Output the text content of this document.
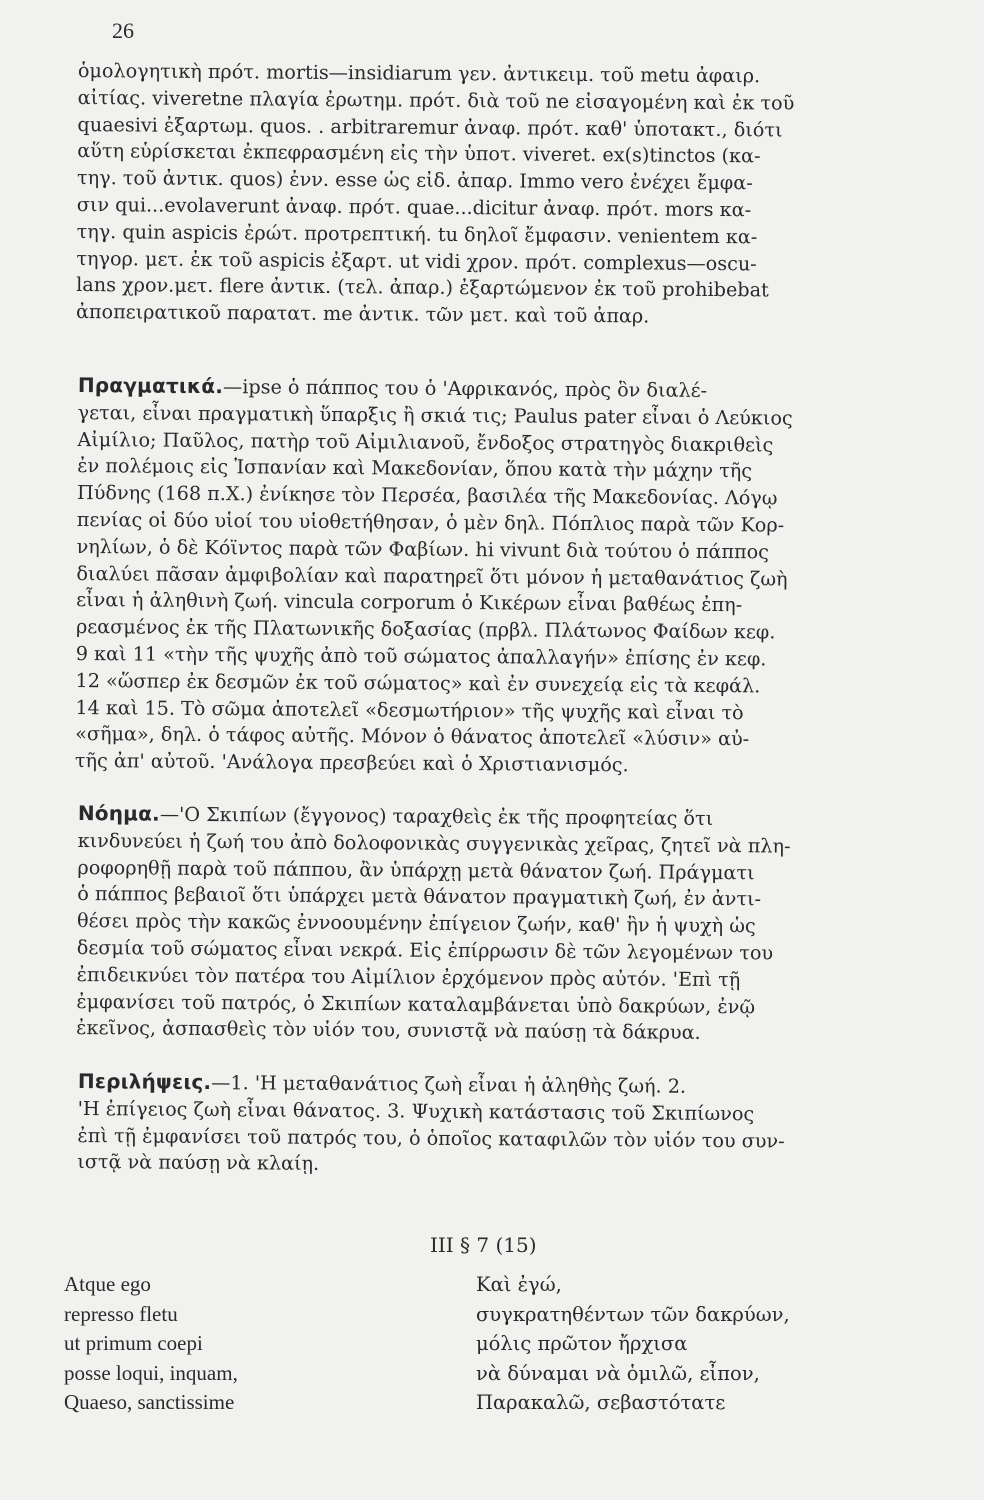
26
ὁμολογητικὴ πρότ. mortis—insidiarum γεν. ἀντικειμ. τοῦ metu ἀφαιρ.
αἰτίας. viveretne πλαγία ἐρωτημ. πρότ. διὰ τοῦ ne εἰσαγομένη καὶ ἐκ τοῦ
quaesivi ἐξαρτωμ. quos. . arbitraremur ἀναφ. πρότ. καθ' ὑποτακτ., διότι
αὕτη εὑρίσκεται ἐκπεφρασμένη εἰς τὴν ὑποτ. viveret. ex(s)tinctos (κα-
τηγ. τοῦ ἀντικ. quos) ἐνν. esse ὡς εἰδ. ἀπαρ. Immo vero ἐνέχει ἔμφα-
σιν qui...evolaverunt ἀναφ. πρότ. quae...dicitur ἀναφ. πρότ. mors κα-
τηγ. quin aspicis ἐρώτ. προτρεπτική. tu δηλοῖ ἔμφασιν. venientem κα-
τηγορ. μετ. ἐκ τοῦ aspicis ἐξαρτ. ut vidi χρον. πρότ. complexus—oscu-
lans χρον.μετ. flere ἀντικ. (τελ. ἀπαρ.) ἐξαρτώμενον ἐκ τοῦ prohibebat
ἀποπειρατικοῦ παρατατ. me ἀντικ. τῶν μετ. καὶ τοῦ ἀπαρ.
Πραγματικά.—ipse ὁ πάππος του ὁ 'Αφρικανός, πρὸς ὃν διαλέ-
γεται, εἶναι πραγματικὴ ὕπαρξις ἢ σκιά τις; Paulus pater εἶναι ὁ Λεύκιος
Αἰμίλιο; Παῦλος, πατὴρ τοῦ Αἰμιλιανοῦ, ἔνδοξος στρατηγὸς διακριθεὶς
ἐν πολέμοις εἰς Ἱσπανίαν καὶ Μακεδονίαν, ὅπου κατὰ τὴν μάχην τῆς
Πύδνης (168 π.Χ.) ἐνίκησε τὸν Περσέα, βασιλέα τῆς Μακεδονίας. Λόγῳ
πενίας οἱ δύο υἱοί του υἱοθετήθησαν, ὁ μὲν δηλ. Πόπλιος παρὰ τῶν Κορ-
νηλίων, ὁ δὲ Κόϊντος παρὰ τῶν Φαβίων. hi vivunt διὰ τούτου ὁ πάππος
διαλύει πᾶσαν ἀμφιβολίαν καὶ παρατηρεῖ ὅτι μόνον ἡ μεταθανάτιος ζωὴ
εἶναι ἡ ἀληθινὴ ζωή. vincula corporum ὁ Κικέρων εἶναι βαθέως ἐπη-
ρεασμένος ἐκ τῆς Πλατωνικῆς δοξασίας (πρβλ. Πλάτωνος Φαίδων κεφ.
9 καὶ 11 «τὴν τῆς ψυχῆς ἀπὸ τοῦ σώματος ἀπαλλαγήν» ἐπίσης ἐν κεφ.
12 «ὥσπερ ἐκ δεσμῶν ἐκ τοῦ σώματος» καὶ ἐν συνεχείᾳ εἰς τὰ κεφάλ.
14 καὶ 15. Τὸ σῶμα ἀποτελεῖ «δεσμωτήριον» τῆς ψυχῆς καὶ εἶναι τὸ
«σῆμα», δηλ. ὁ τάφος αὐτῆς. Μόνον ὁ θάνατος ἀποτελεῖ «λύσιν» αὐ-
τῆς ἀπ' αὐτοῦ. 'Ανάλογα πρεσβεύει καὶ ὁ Χριστιανισμός.
Νόημα.—'Ο Σκιπίων (ἔγγονος) ταραχθεὶς ἐκ τῆς προφητείας ὅτι
κινδυνεύει ἡ ζωή του ἀπὸ δολοφονικὰς συγγενικὰς χεῖρας, ζητεῖ νὰ πλη-
ροφορηθῇ παρὰ τοῦ πάππου, ἂν ὑπάρχῃ μετὰ θάνατον ζωή. Πράγματι
ὁ πάππος βεβαιοῖ ὅτι ὑπάρχει μετὰ θάνατον πραγματικὴ ζωή, ἐν ἀντι-
θέσει πρὸς τὴν κακῶς ἐννοουμένην ἐπίγειον ζωήν, καθ' ἣν ἡ ψυχὴ ὡς
δεσμία τοῦ σώματος εἶναι νεκρά. Εἰς ἐπίρρωσιν δὲ τῶν λεγομένων του
ἐπιδεικνύει τὸν πατέρα του Αἰμίλιον ἐρχόμενον πρὸς αὐτόν. 'Επὶ τῇ
ἐμφανίσει τοῦ πατρός, ὁ Σκιπίων καταλαμβάνεται ὑπὸ δακρύων, ἐνῷ
ἐκεῖνος, ἀσπασθεὶς τὸν υἱόν του, συνιστᾷ νὰ παύσῃ τὰ δάκρυα.
Περιλήψεις.—1. 'Η μεταθανάτιος ζωὴ εἶναι ἡ ἀληθὴς ζωή. 2.
'Η ἐπίγειος ζωὴ εἶναι θάνατος. 3. Ψυχικὴ κατάστασις τοῦ Σκιπίωνος
ἐπὶ τῇ ἐμφανίσει τοῦ πατρός του, ὁ ὁποῖος καταφιλῶν τὸν υἱόν του συν-
ιστᾷ νὰ παύσῃ νὰ κλαίῃ.
III § 7 (15)
Atque ego
represso fletu
ut primum coepi
posse loqui, inquam,
Quaeso, sanctissime
Καὶ ἐγώ,
συγκρατηθέντων τῶν δακρύων,
μόλις πρῶτον ἤρχισα
νὰ δύναμαι νὰ ὁμιλῶ, εἶπον,
Παρακαλῶ, σεβαστότατε
